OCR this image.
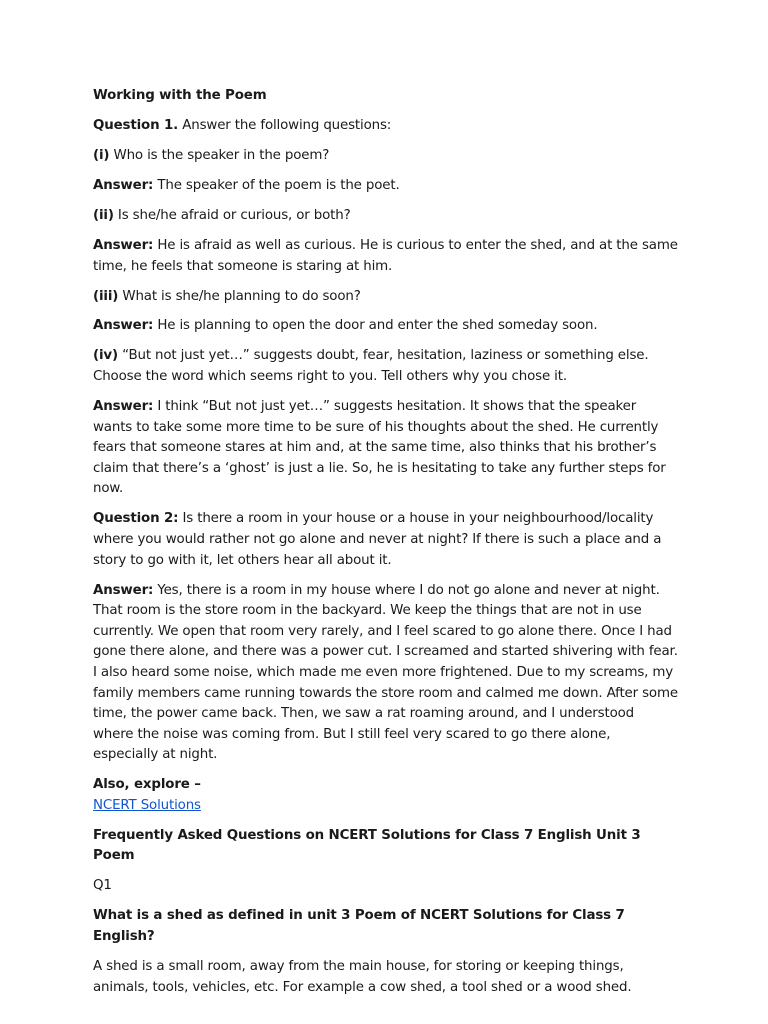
Working with the Poem

Question 1. Answer the following questions:

(i) Who is the speaker in the poem?

Answer: The speaker of the poem is the poet.

(ii) Is she/he afraid or curious, or both?

Answer: He is afraid as well as curious. He is curious to enter the shed, and at the same time, he feels that someone is staring at him.

(iii) What is she/he planning to do soon?

Answer: He is planning to open the door and enter the shed someday soon.

(iv) “But not just yet…” suggests doubt, fear, hesitation, laziness or something else. Choose the word which seems right to you. Tell others why you chose it.

Answer: I think “But not just yet…” suggests hesitation. It shows that the speaker wants to take some more time to be sure of his thoughts about the shed. He currently fears that someone stares at him and, at the same time, also thinks that his brother’s claim that there’s a ‘ghost’ is just a lie. So, he is hesitating to take any further steps for now.

Question 2: Is there a room in your house or a house in your neighbourhood/locality where you would rather not go alone and never at night? If there is such a place and a story to go with it, let others hear all about it.

Answer: Yes, there is a room in my house where I do not go alone and never at night. That room is the store room in the backyard. We keep the things that are not in use currently. We open that room very rarely, and I feel scared to go alone there. Once I had gone there alone, and there was a power cut. I screamed and started shivering with fear. I also heard some noise, which made me even more frightened. Due to my screams, my family members came running towards the store room and calmed me down. After some time, the power came back. Then, we saw a rat roaming around, and I understood where the noise was coming from. But I still feel very scared to go there alone, especially at night.

Also, explore –

NCERT Solutions

Frequently Asked Questions on NCERT Solutions for Class 7 English Unit 3 Poem

Q1

What is a shed as defined in unit 3 Poem of NCERT Solutions for Class 7 English?

A shed is a small room, away from the main house, for storing or keeping things, animals, tools, vehicles, etc. For example a cow shed, a tool shed or a wood shed.
